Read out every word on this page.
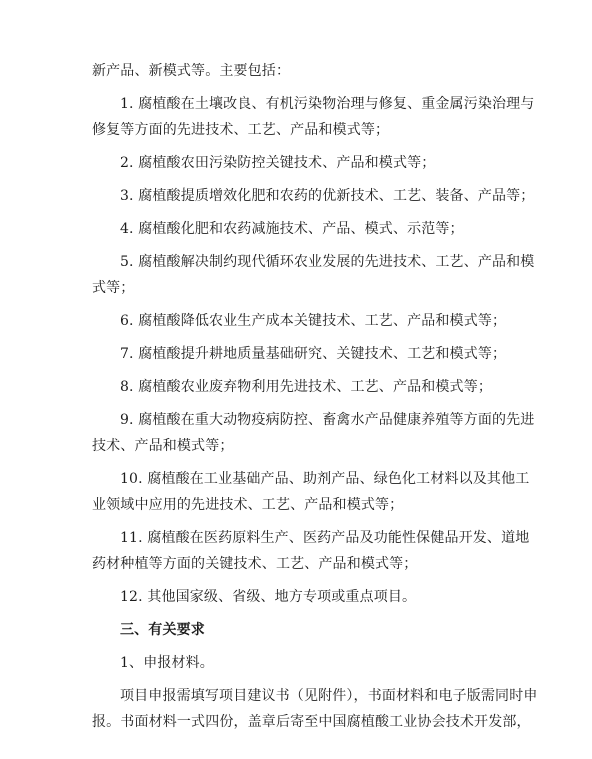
新产品、新模式等。主要包括：
1. 腐植酸在土壤改良、有机污染物治理与修复、重金属污染治理与
修复等方面的先进技术、工艺、产品和模式等；
2. 腐植酸农田污染防控关键技术、产品和模式等；
3. 腐植酸提质增效化肥和农药的优新技术、工艺、装备、产品等；
4. 腐植酸化肥和农药减施技术、产品、模式、示范等；
5. 腐植酸解决制约现代循环农业发展的先进技术、工艺、产品和模
式等；
6. 腐植酸降低农业生产成本关键技术、工艺、产品和模式等；
7. 腐植酸提升耕地质量基础研究、关键技术、工艺和模式等；
8. 腐植酸农业废弃物利用先进技术、工艺、产品和模式等；
9. 腐植酸在重大动物疫病防控、畜禽水产品健康养殖等方面的先进
技术、产品和模式等；
10. 腐植酸在工业基础产品、助剂产品、绿色化工材料以及其他工
业领域中应用的先进技术、工艺、产品和模式等；
11. 腐植酸在医药原料生产、医药产品及功能性保健品开发、道地
药材种植等方面的关键技术、工艺、产品和模式等；
12. 其他国家级、省级、地方专项或重点项目。
三、有关要求
1、申报材料。
项目申报需填写项目建议书（见附件），书面材料和电子版需同时申
报。书面材料一式四份，盖章后寄至中国腐植酸工业协会技术开发部，
